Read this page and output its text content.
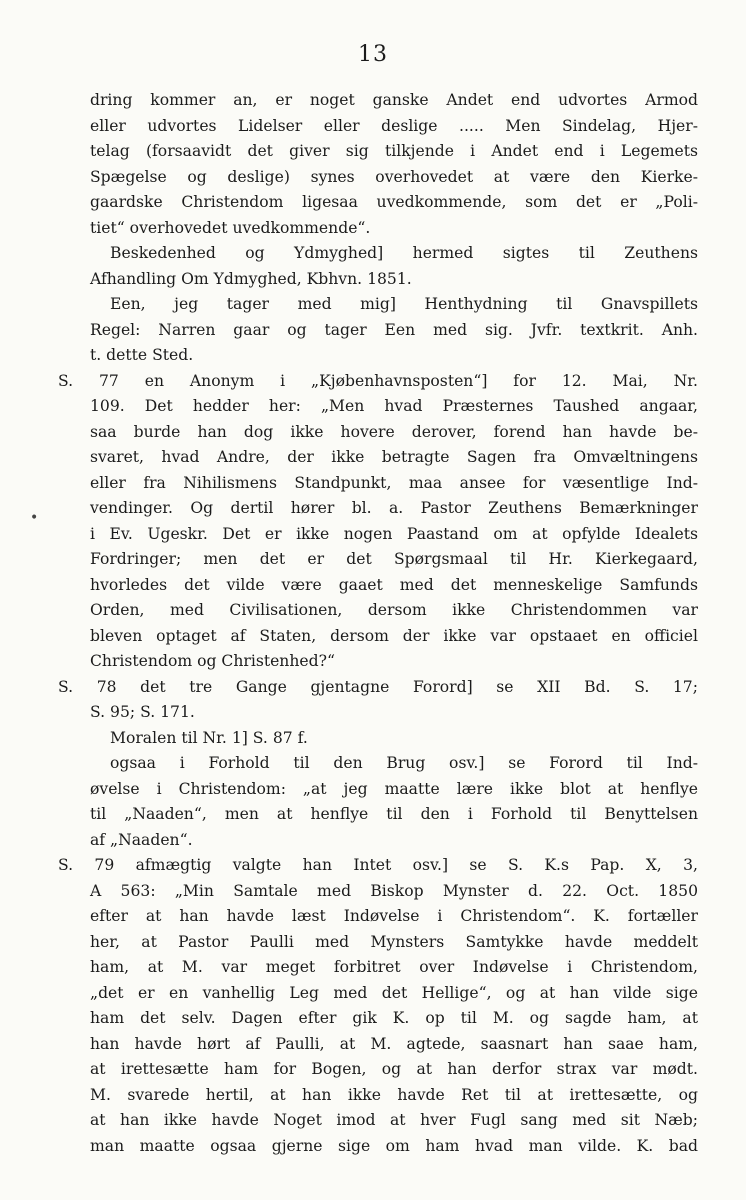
13
•
dring kommer an, er noget ganske Andet end udvortes Armod
eller udvortes Lidelser eller deslige ..... Men Sindelag, Hjer-
telag (forsaavidt det giver sig tilkjende i Andet end i Legemets
Spægelse og deslige) synes overhovedet at være den Kierke-
gaardske Christendom ligesaa uvedkommende, som det er „Poli-
tiet“ overhovedet uvedkommende“.
Beskedenhed og Ydmyghed] hermed sigtes til Zeuthens
Afhandling Om Ydmyghed, Kbhvn. 1851.
Een, jeg tager med mig] Henthydning til Gnavspillets
Regel: Narren gaar og tager Een med sig. Jvfr. textkrit. Anh.
t. dette Sted.
S. 77 en Anonym i „Kjøbenhavnsposten“] for 12. Mai, Nr.
109. Det hedder her: „Men hvad Præsternes Taushed angaar,
saa burde han dog ikke hovere derover, forend han havde be-
svaret, hvad Andre, der ikke betragte Sagen fra Omvæltningens
eller fra Nihilismens Standpunkt, maa ansee for væsentlige Ind-
vendinger. Og dertil hører bl. a. Pastor Zeuthens Bemærkninger
i Ev. Ugeskr. Det er ikke nogen Paastand om at opfylde Idealets
Fordringer; men det er det Spørgsmaal til Hr. Kierkegaard,
hvorledes det vilde være gaaet med det menneskelige Samfunds
Orden, med Civilisationen, dersom ikke Christendommen var
bleven optaget af Staten, dersom der ikke var opstaaet en officiel
Christendom og Christenhed?“
S. 78 det tre Gange gjentagne Forord] se XII Bd. S. 17;
S. 95; S. 171.
Moralen til Nr. 1] S. 87 f.
ogsaa i Forhold til den Brug osv.] se Forord til Ind-
øvelse i Christendom: „at jeg maatte lære ikke blot at henflye
til „Naaden“, men at henflye til den i Forhold til Benyttelsen
af „Naaden“.
S. 79 afmægtig valgte han Intet osv.] se S. K.s Pap. X, 3,
A 563: „Min Samtale med Biskop Mynster d. 22. Oct. 1850
efter at han havde læst Indøvelse i Christendom“. K. fortæller
her, at Pastor Paulli med Mynsters Samtykke havde meddelt
ham, at M. var meget forbitret over Indøvelse i Christendom,
„det er en vanhellig Leg med det Hellige“, og at han vilde sige
ham det selv. Dagen efter gik K. op til M. og sagde ham, at
han havde hørt af Paulli, at M. agtede, saasnart han saae ham,
at irettesætte ham for Bogen, og at han derfor strax var mødt.
M. svarede hertil, at han ikke havde Ret til at irettesætte, og
at han ikke havde Noget imod at hver Fugl sang med sit Næb;
man maatte ogsaa gjerne sige om ham hvad man vilde. K. bad
